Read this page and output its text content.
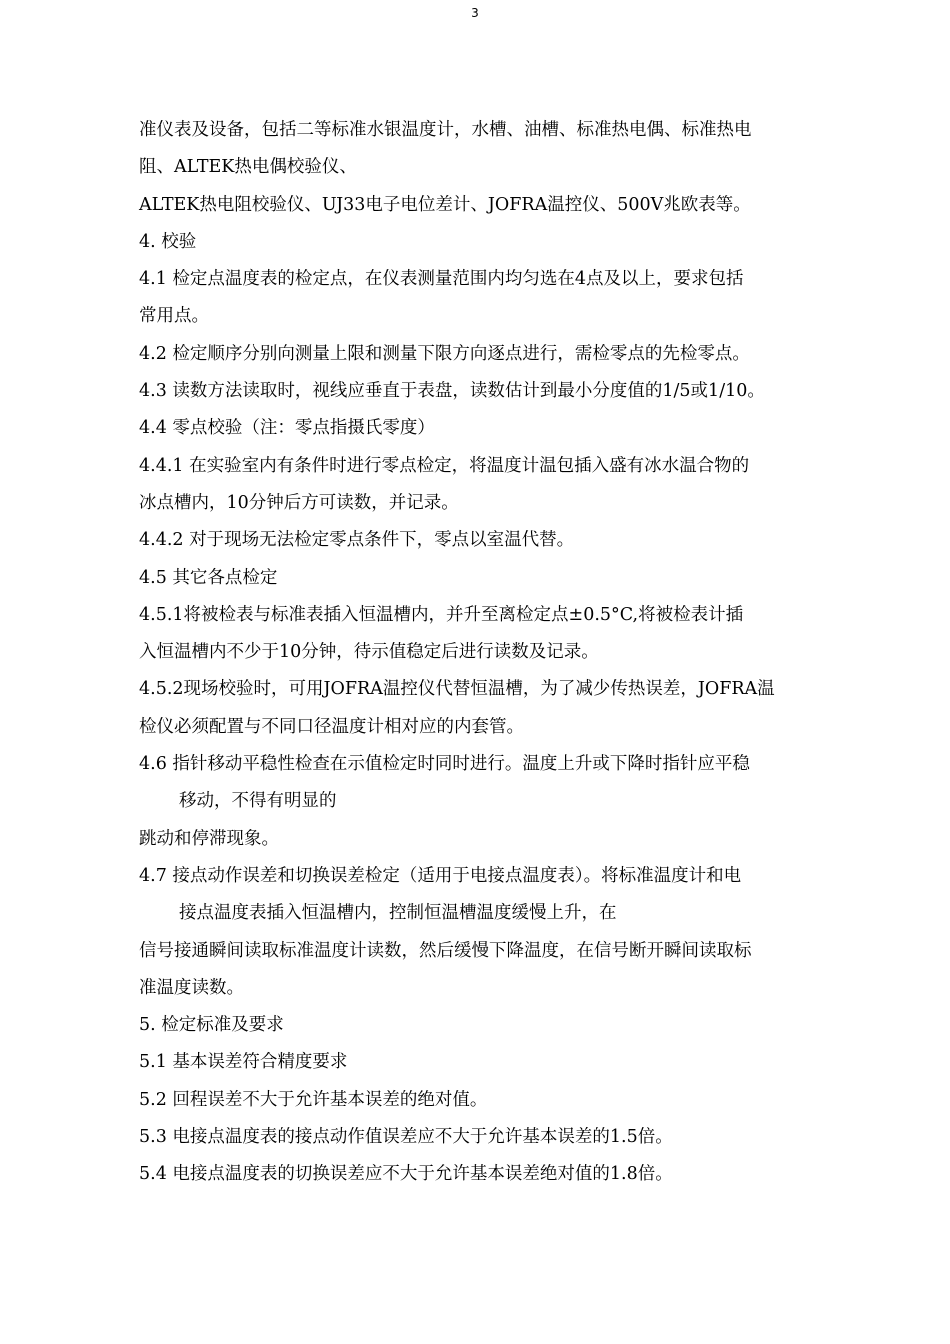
3
准仪表及设备，包括二等标准水银温度计，水槽、油槽、标准热电偶、标准热电
阻、ALTEK热电偶校验仪、
ALTEK热电阻校验仪、UJ33电子电位差计、JOFRA温控仪、500V兆欧表等。
4. 校验
4.1 检定点温度表的检定点，在仪表测量范围内均匀选在4点及以上，要求包括
常用点。
4.2 检定顺序分别向测量上限和测量下限方向逐点进行，需检零点的先检零点。
4.3 读数方法读取时，视线应垂直于表盘，读数估计到最小分度值的1/5或1/10。
4.4 零点校验（注：零点指摄氏零度）
4.4.1 在实验室内有条件时进行零点检定，将温度计温包插入盛有冰水温合物的
冰点槽内，10分钟后方可读数，并记录。
4.4.2 对于现场无法检定零点条件下，零点以室温代替。
4.5 其它各点检定
4.5.1将被检表与标准表插入恒温槽内，并升至离检定点±0.5°C,将被检表计插
入恒温槽内不少于10分钟，待示值稳定后进行读数及记录。
4.5.2现场校验时，可用JOFRA温控仪代替恒温槽，为了减少传热误差，JOFRA温
检仪必须配置与不同口径温度计相对应的内套管。
4.6 指针移动平稳性检查在示值检定时同时进行。温度上升或下降时指针应平稳
移动，不得有明显的
跳动和停滞现象。
4.7 接点动作误差和切换误差检定（适用于电接点温度表）。将标准温度计和电
接点温度表插入恒温槽内，控制恒温槽温度缓慢上升，在
信号接通瞬间读取标准温度计读数，然后缓慢下降温度，在信号断开瞬间读取标
准温度读数。
5. 检定标准及要求
5.1 基本误差符合精度要求
5.2 回程误差不大于允许基本误差的绝对值。
5.3 电接点温度表的接点动作值误差应不大于允许基本误差的1.5倍。
5.4 电接点温度表的切换误差应不大于允许基本误差绝对值的1.8倍。
